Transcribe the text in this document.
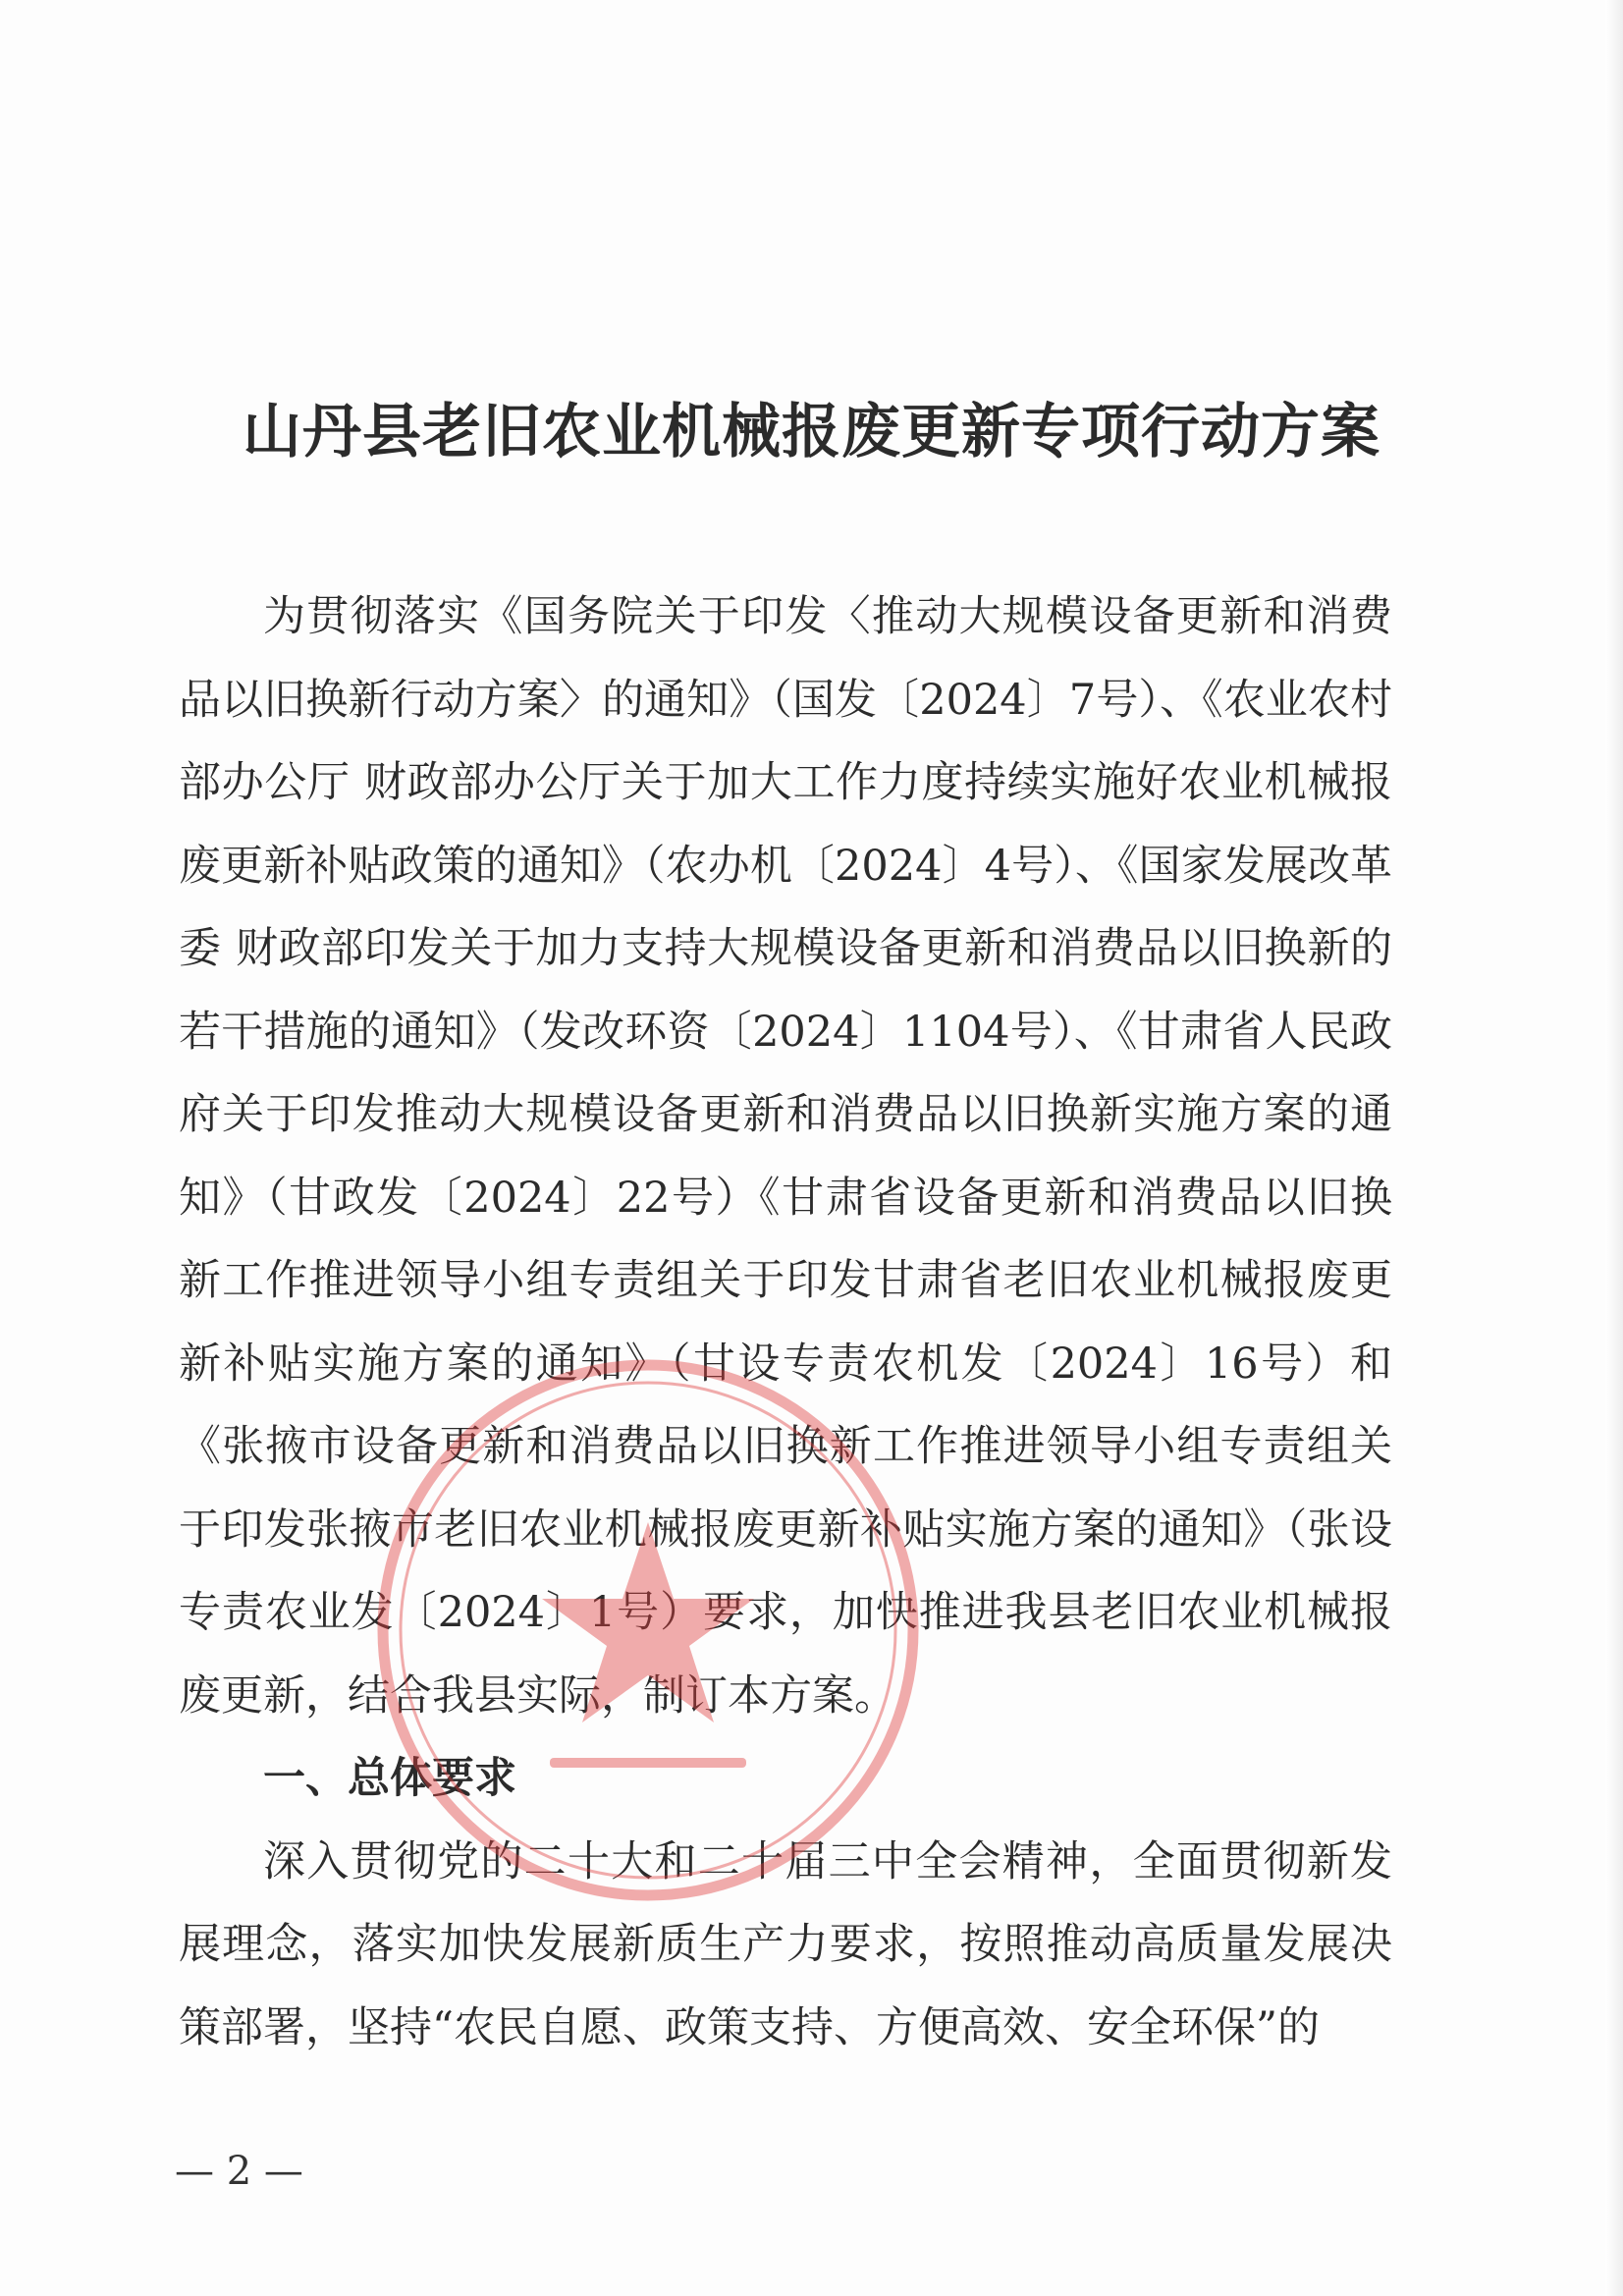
山丹县老旧农业机械报废更新专项行动方案

为贯彻落实《国务院关于印发〈推动大规模设备更新和消费品以旧换新行动方案〉的通知》（国发〔2024〕7号）、《农业农村部办公厅 财政部办公厅关于加大工作力度持续实施好农业机械报废更新补贴政策的通知》（农办机〔2024〕4号）、《国家发展改革委 财政部印发关于加力支持大规模设备更新和消费品以旧换新的若干措施的通知》（发改环资〔2024〕1104号）、《甘肃省人民政府关于印发推动大规模设备更新和消费品以旧换新实施方案的通知》（甘政发〔2024〕22号）《甘肃省设备更新和消费品以旧换新工作推进领导小组专责组关于印发甘肃省老旧农业机械报废更新补贴实施方案的通知》（甘设专责农机发〔2024〕16号）和《张掖市设备更新和消费品以旧换新工作推进领导小组专责组关于印发张掖市老旧农业机械报废更新补贴实施方案的通知》（张设专责农业发〔2024〕1号）要求，加快推进我县老旧农业机械报废更新，结合我县实际，制订本方案。

一、总体要求

深入贯彻党的二十大和二十届三中全会精神，全面贯彻新发展理念，落实加快发展新质生产力要求，按照推动高质量发展决策部署，坚持“农民自愿、政策支持、方便高效、安全环保”的

— 2 —
